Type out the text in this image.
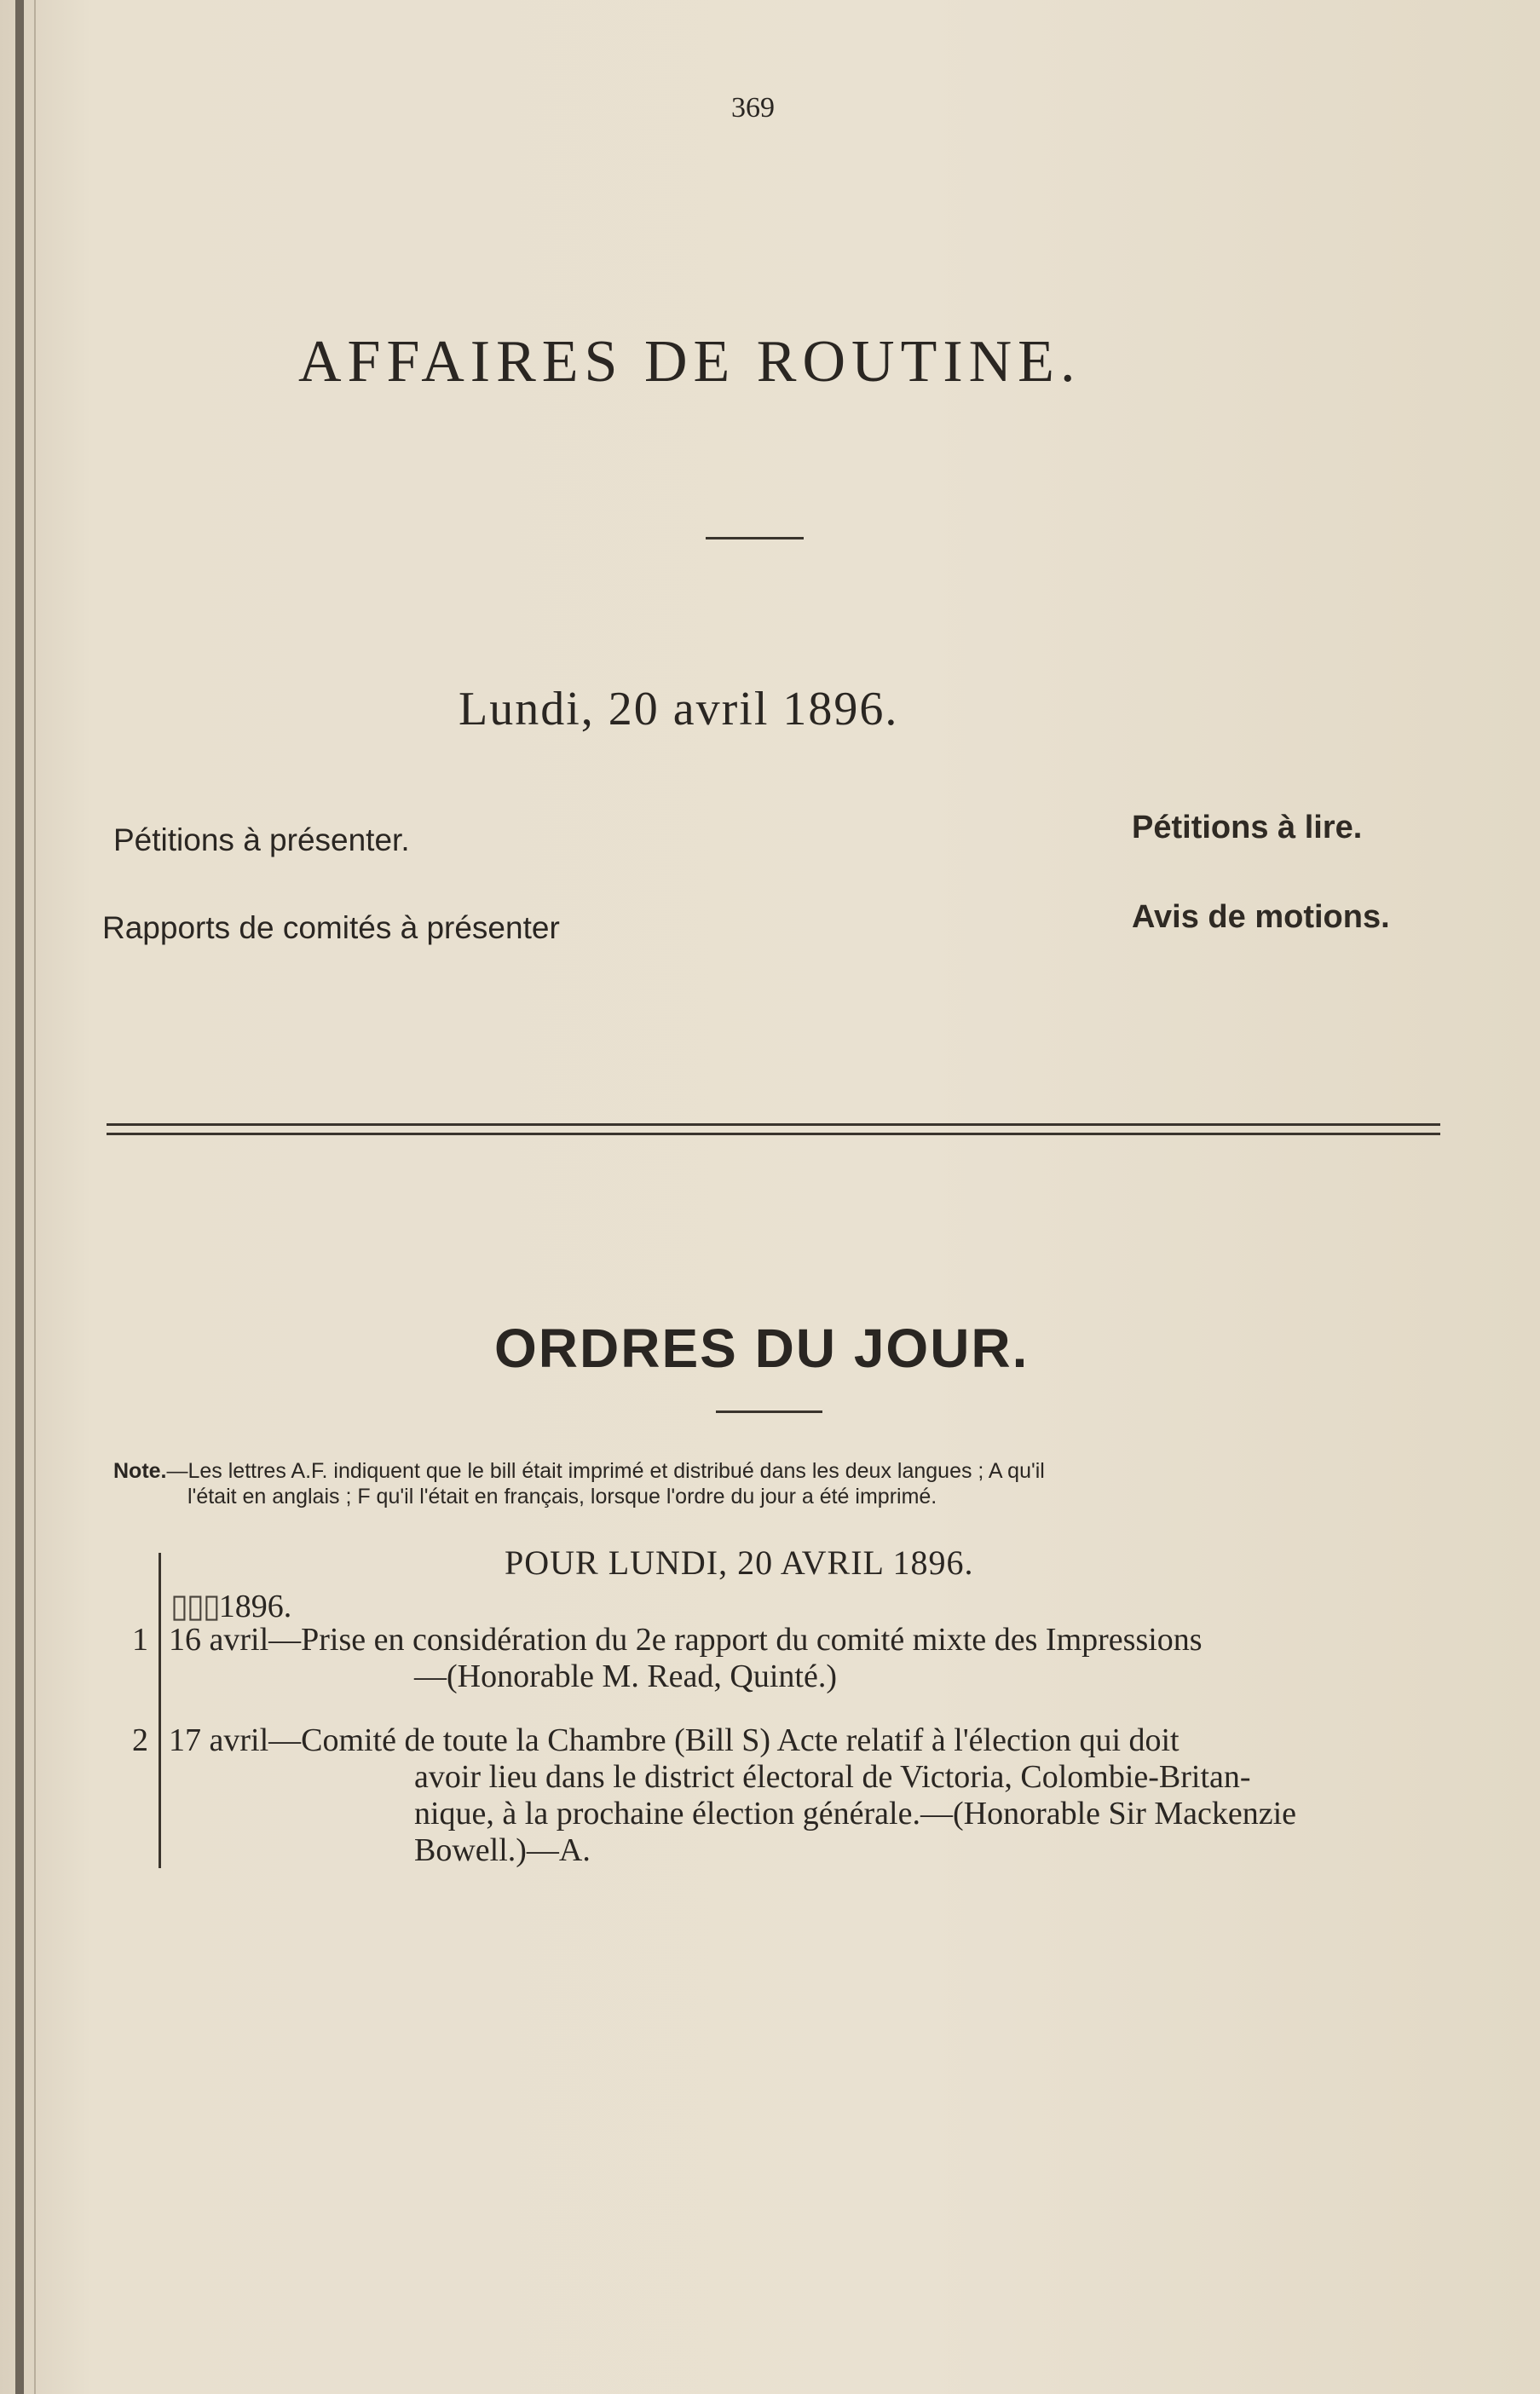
369
AFFAIRES DE ROUTINE.
Lundi, 20 avril 1896.
Pétitions à présenter.
Rapports de comités à présenter
Pétitions à lire.
Avis de motions.
ORDRES DU JOUR.
Note.—Les lettres A.F. indiquent que le bill était imprimé et distribué dans les deux langues ; A qu'il
l'était en anglais ; F qu'il l'était en français, lorsque l'ordre du jour a été imprimé.
POUR LUNDI, 20 AVRIL 1896.
▯▯▯1896.
1 16 avril—Prise en considération du 2e rapport du comité mixte des Impressions
—(Honorable M. Read, Quinté.)
2 17 avril—Comité de toute la Chambre (Bill S) Acte relatif à l'élection qui doit
avoir lieu dans le district électoral de Victoria, Colombie-Britan-
nique, à la prochaine élection générale.—(Honorable Sir Mackenzie
Bowell.)—A.
